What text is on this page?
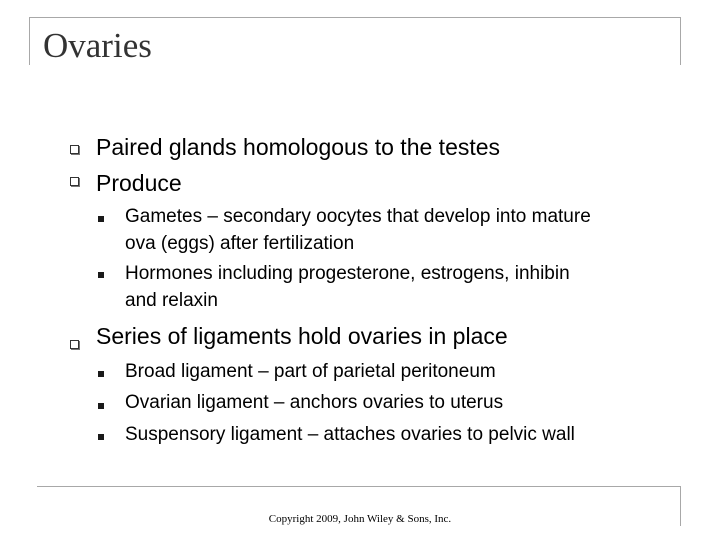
Ovaries
Paired glands homologous to the testes
Produce
Gametes – secondary oocytes that develop into mature
ova (eggs) after fertilization
Hormones including progesterone, estrogens, inhibin
and relaxin
Series of ligaments hold ovaries in place
Broad ligament – part of parietal peritoneum
Ovarian ligament – anchors ovaries to uterus
Suspensory ligament – attaches ovaries to pelvic wall
Copyright 2009, John Wiley & Sons, Inc.
